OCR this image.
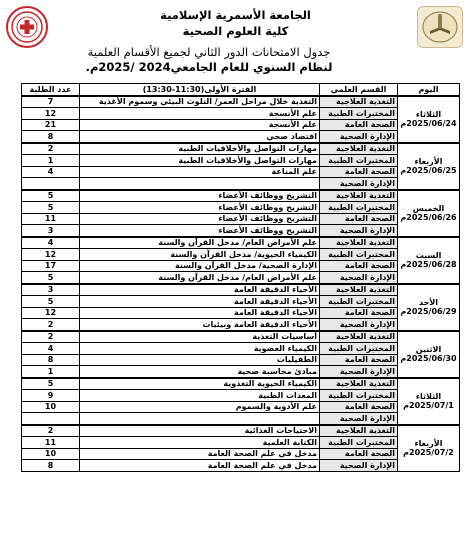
الجامعة الأسمرية الإسلامية
كلية العلوم الصحية
جدول الامتحانات الدور الثاني لجميع الأقسام العلمية
لنظام السنوي للعام الجامعي2024 /2025م.
اليوم	القسم العلمي	الفترة الأولى(11:30-13:30)	عدد الطلبة

الثلاثاء
2025/06/24م	التغذية العلاجية	التغذية خلال مراحل العمر/ التلوث البيئي وسموم الأغذية	7
	المختبرات الطبية	علم الأنسجة	12
	الصحة العامة	علم الأنسجة	21
	الإدارة الصحية	اقتصاد صحي	8

الأربعاء
2025/06/25م	التغذية العلاجية	مهارات التواصل والأخلاقيات الطبية	2
	المختبرات الطبية	مهارات التواصل والأخلاقيات الطبية	1
	الصحة العامة	علم المناعة	4
	الإدارة الصحية		

الخميس
2025/06/26م	التغذية العلاجية	التشريح ووظائف الأعضاء	5
	المختبرات الطبية	التشريح ووظائف الأعضاء	5
	الصحة العامة	التشريح ووظائف الأعضاء	11
	الإدارة الصحية	التشريح ووظائف الأعضاء	3

السبت
2025/06/28م	التغذية العلاجية	علم الأمراض العام/ مدخل القرآن والسنة	4
	المختبرات الطبية	الكيمياء الحيوية/ مدخل القرآن والسنة	12
	الصحة العامة	الإدارة الصحية/ مدخل القرآن والسنة	17
	الإدارة الصحية	علم الأمراض العام/ مدخل القرآن والسنة	5

الأحد
2025/06/29م	التغذية العلاجية	الأحياء الدقيقة العامة	3
	المختبرات الطبية	الأحياء الدقيقة العامة	5
	الصحة العامة	الأحياء الدقيقة العامة	12
	الإدارة الصحية	الأحياء الدقيقة العامة وبيئيات	2

الاثنين
2025/06/30م	التغذية العلاجية	أساسيات التغذية	2
	المختبرات الطبية	الكيمياء العضوية	4
	الصحة العامة	الطفيليات	8
	الإدارة الصحية	مبادئ محاسبة صحية	1

الثلاثاء
2025/07/1م	التغذية العلاجية	الكيمياء الحيوية التغذوية	5
	المختبرات الطبية	المعدات الطبية	9
	الصحة العامة	علم الأدوية والسموم	10
	الإدارة الصحية		

الأربعاء
2025/07/2م	التغذية العلاجية	الاحتياجات الغذائية	2
	المختبرات الطبية	الكتابة العلمية	11
	الصحة العامة	مدخل في علم الصحة العامة	10
	الإدارة الصحية	مدخل في علم الصحة العامة	8
